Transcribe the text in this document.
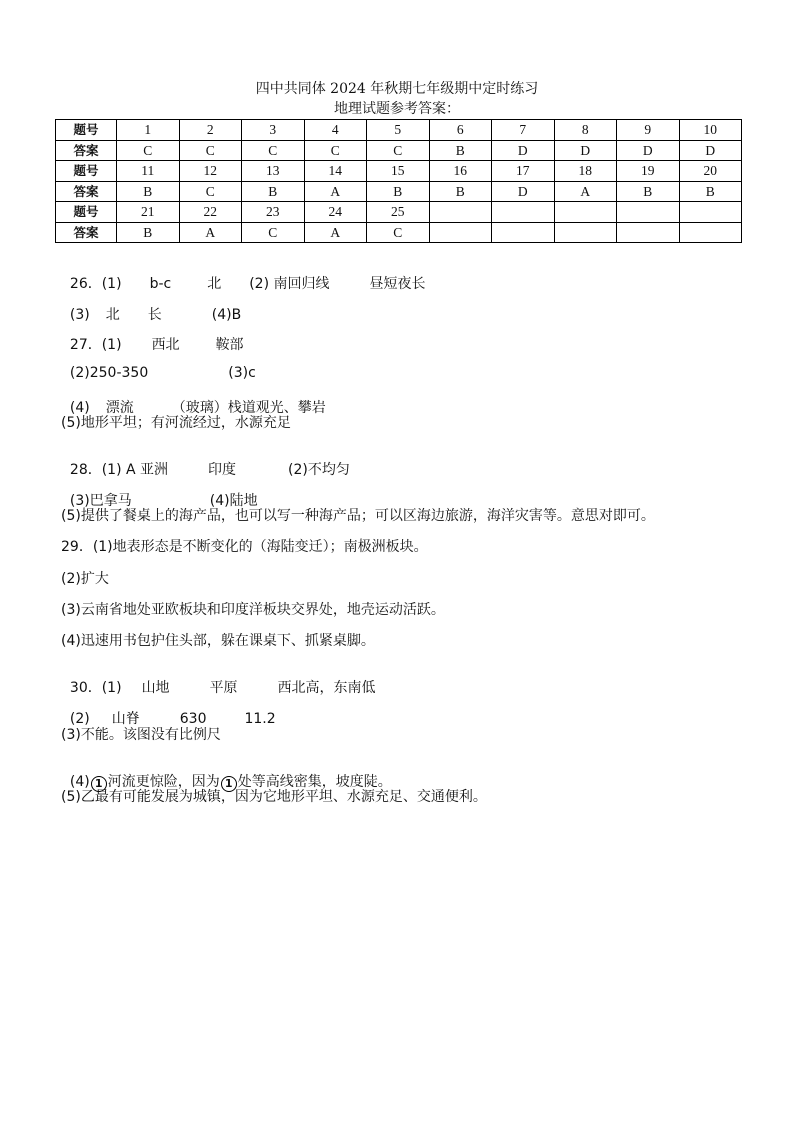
四中共同体 2024 年秋期七年级期中定时练习
地理试题参考答案：
题号	1	2	3	4	5	6	7	8	9	10
答案	C	C	C	C	C	B	D	D	D	D
题号	11	12	13	14	15	16	17	18	19	20
答案	B	C	B	A	B	B	D	A	B	B
题号	21	22	23	24	25					
答案	B	A	C	A	C					

26．(1) b-c	北 (2) 南回归线	昼短夜长

(3) 北 长	(4)B

27．(1) 西北	鞍部

(2)250-350	(3)c

(4) 漂流	（玻璃）栈道观光、攀岩

(5)地形平坦；有河流经过，水源充足

28．(1) A 亚洲	印度	(2)不均匀

(3)巴拿马	(4)陆地

(5)提供了餐桌上的海产品，也可以写一种海产品；可以区海边旅游，海洋灾害等。意思对即可。
29．(1)地表形态是不断变化的（海陆变迁）；南极洲板块。
(2)扩大
(3)云南省地处亚欧板块和印度洋板块交界处，地壳运动活跃。
(4)迅速用书包护住头部，躲在课桌下、抓紧桌脚。

30．(1) 山地	平原	西北高，东南低

(2) 山脊	630	11.2

(3)不能。该图没有比例尺

(4) 1 河流更惊险，因为 1 处等高线密集，坡度陡。

(5)乙最有可能发展为城镇，因为它地形平坦、水源充足、交通便利。
